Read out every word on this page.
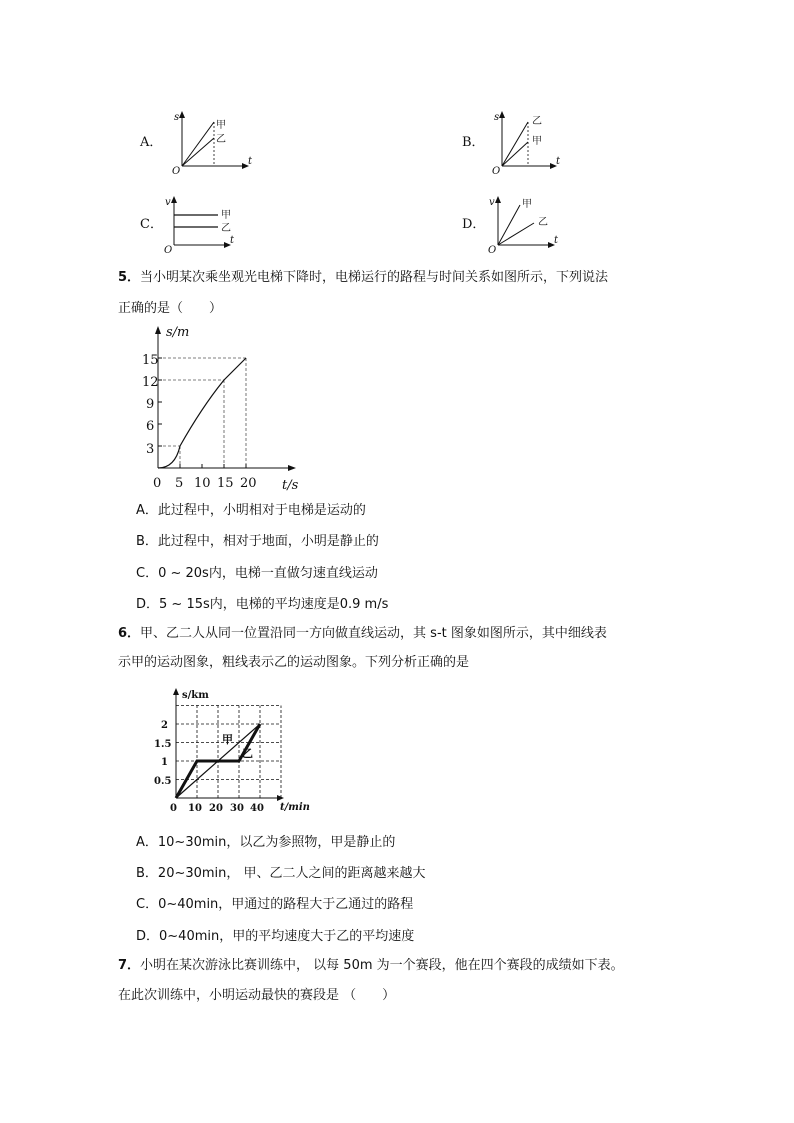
A．
s
t
O
甲
乙	B．
s
t
O
乙
甲
C．
v
t
O
甲
乙	D．
v
t
O
甲
乙
5．当小明某次乘坐观光电梯下降时，电梯运行的路程与时间关系如图所示，下列说法
正确的是（　　）
s/m
t/s
0
15
12
9
6
3
5 10 15 20
A．此过程中，小明相对于电梯是运动的
B．此过程中，相对于地面，小明是静止的
C．0 ~ 20s内，电梯一直做匀速直线运动
D．5 ~ 15s内，电梯的平均速度是0.9 m/s
6．甲、乙二人从同一位置沿同一方向做直线运动，其 s-t 图象如图所示，其中细线表
示甲的运动图象，粗线表示乙的运动图象。下列分析正确的是
s/km
t/min
0
2
1.5
1
0.5
10 20 30 40
甲
乙
A．10~30min，以乙为参照物，甲是静止的
B．20~30min， 甲、乙二人之间的距离越来越大
C．0~40min，甲通过的路程大于乙通过的路程
D．0~40min，甲的平均速度大于乙的平均速度
7．小明在某次游泳比赛训练中， 以每 50m 为一个赛段，他在四个赛段的成绩如下表。
在此次训练中，小明运动最快的赛段是 （　　）
